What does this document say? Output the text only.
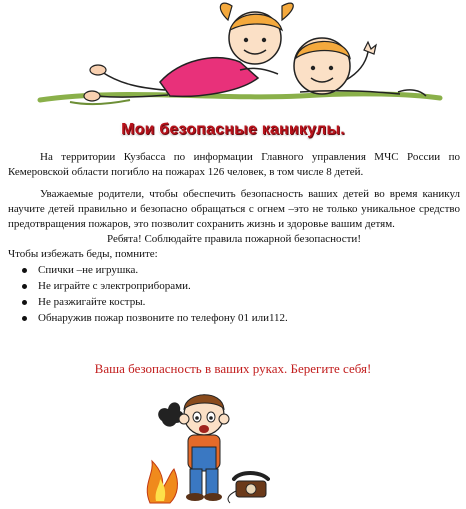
Мои безопасные каникулы.

На территории Кузбасса по информации Главного управления МЧС России по Кемеровской области погибло на пожарах 126 человек, в том числе 8 детей.

Уважаемые родители, чтобы обеспечить безопасность ваших детей во время каникул научите детей правильно и безопасно обращаться с огнем –это не только уникальное средство предотвращения пожаров, это позволит сохранить жизнь и здоровье вашим детям.

Ребята! Соблюдайте правила пожарной безопасности!

Чтобы избежать беды, помните:

Спички –не игрушка.
Не играйте с электроприборами.
Не разжигайте костры.
Обнаружив пожар позвоните по телефону 01 или112.
Ваша безопасность в ваших руках. Берегите себя!
